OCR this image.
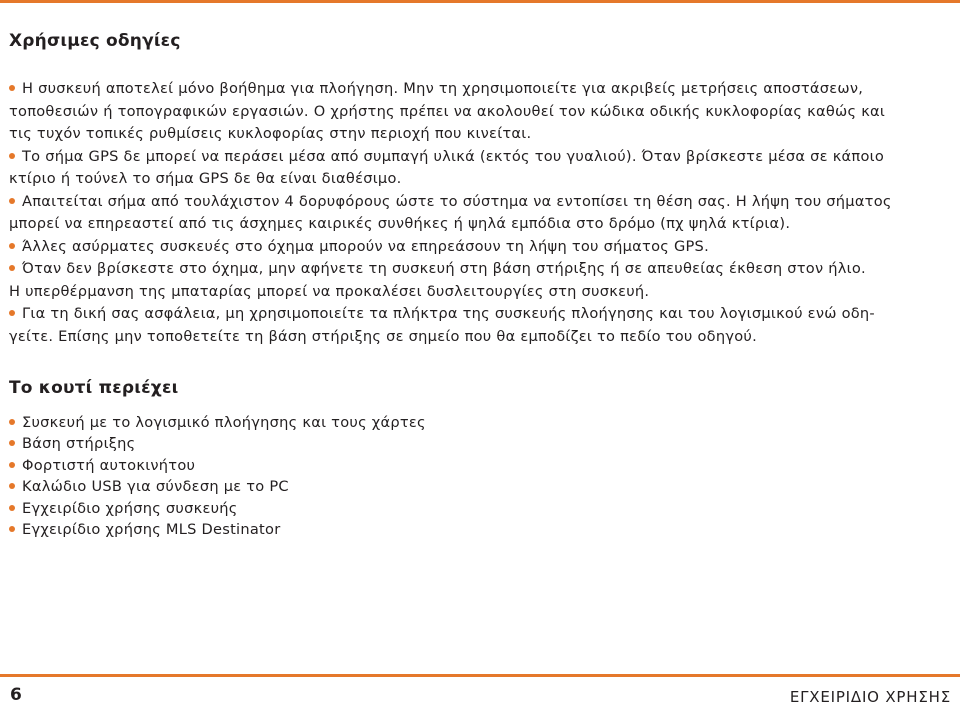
Χρήσιμες οδηγίες
Η συσκευή αποτελεί μόνο βοήθημα για πλοήγηση. Μην τη χρησιμοποιείτε για ακριβείς μετρήσεις αποστάσεων,
τοποθεσιών ή τοπογραφικών εργασιών. Ο χρήστης πρέπει να ακολουθεί τον κώδικα οδικής κυκλοφορίας καθώς και
τις τυχόν τοπικές ρυθμίσεις κυκλοφορίας στην περιοχή που κινείται.
Το σήμα GPS δε μπορεί να περάσει μέσα από συμπαγή υλικά (εκτός του γυαλιού). Όταν βρίσκεστε μέσα σε κάποιο
κτίριο ή τούνελ το σήμα GPS δε θα είναι διαθέσιμο.
Απαιτείται σήμα από τουλάχιστον 4 δορυφόρους ώστε το σύστημα να εντοπίσει τη θέση σας. Η λήψη του σήματος
μπορεί να επηρεαστεί από τις άσχημες καιρικές συνθήκες ή ψηλά εμπόδια στο δρόμο (πχ ψηλά κτίρια).
Άλλες ασύρματες συσκευές στο όχημα μπορούν να επηρεάσουν τη λήψη του σήματος GPS.
Όταν δεν βρίσκεστε στο όχημα, μην αφήνετε τη συσκευή στη βάση στήριξης ή σε απευθείας έκθεση στον ήλιο.
Η υπερθέρμανση της μπαταρίας μπορεί να προκαλέσει δυσλειτουργίες στη συσκευή.
Για τη δική σας ασφάλεια, μη χρησιμοποιείτε τα πλήκτρα της συσκευής πλοήγησης και του λογισμικού ενώ οδη-
γείτε. Επίσης μην τοποθετείτε τη βάση στήριξης σε σημείο που θα εμποδίζει το πεδίο του οδηγού.
Το κουτί περιέχει
Συσκευή με το λογισμικό πλοήγησης και τους χάρτες
Βάση στήριξης
Φορτιστή αυτοκινήτου
Καλώδιο USB για σύνδεση με το PC
Εγχειρίδιο χρήσης συσκευής
Εγχειρίδιο χρήσης MLS Destinator
6	ΕΓΧΕΙΡΙΔΙΟ ΧΡΗΣΗΣ
